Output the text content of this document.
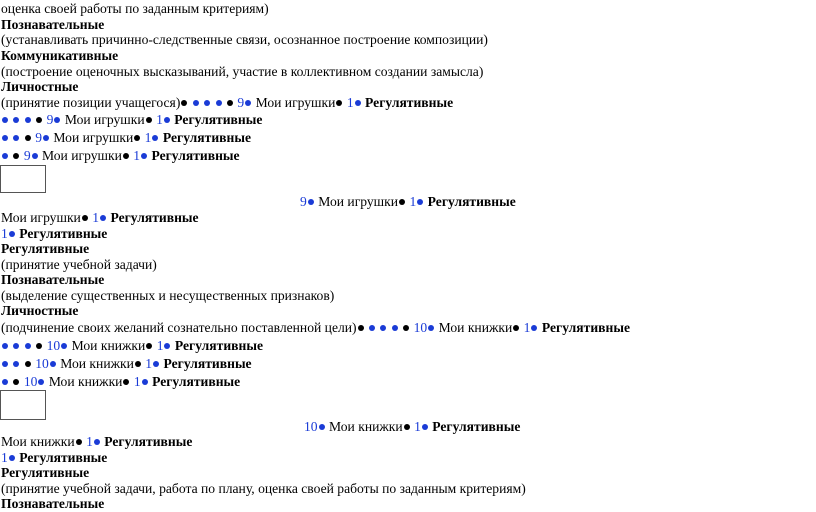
оценка своей работы по заданным критериям)
Познавательные
(устанавливать причинно-следственные связи, осознанное построение композиции)
Коммуникативные
(построение оценочных высказываний, участие в коллективном создании замысла)
Личностные
(принятие позиции учащегося)	9 Мои игрушки 1 Регулятивные
9 Мои игрушки 1 Регулятивные
9 Мои игрушки 1 Регулятивные
9 Мои игрушки 1 Регулятивные
9 Мои игрушки 1 Регулятивные
Мои игрушки 1 Регулятивные
1 Регулятивные
Регулятивные
(принятие учебной задачи)
Познавательные
(выделение существенных и несущественных признаков)
Личностные
(подчинение своих желаний сознательно поставленной цели)	10 Мои книжки 1 Регулятивные
10 Мои книжки 1 Регулятивные
10 Мои книжки 1 Регулятивные
10 Мои книжки 1 Регулятивные
10 Мои книжки 1 Регулятивные
Мои книжки 1 Регулятивные
1 Регулятивные
Регулятивные
(принятие учебной задачи, работа по плану, оценка своей работы по заданным критериям)
Познавательные
